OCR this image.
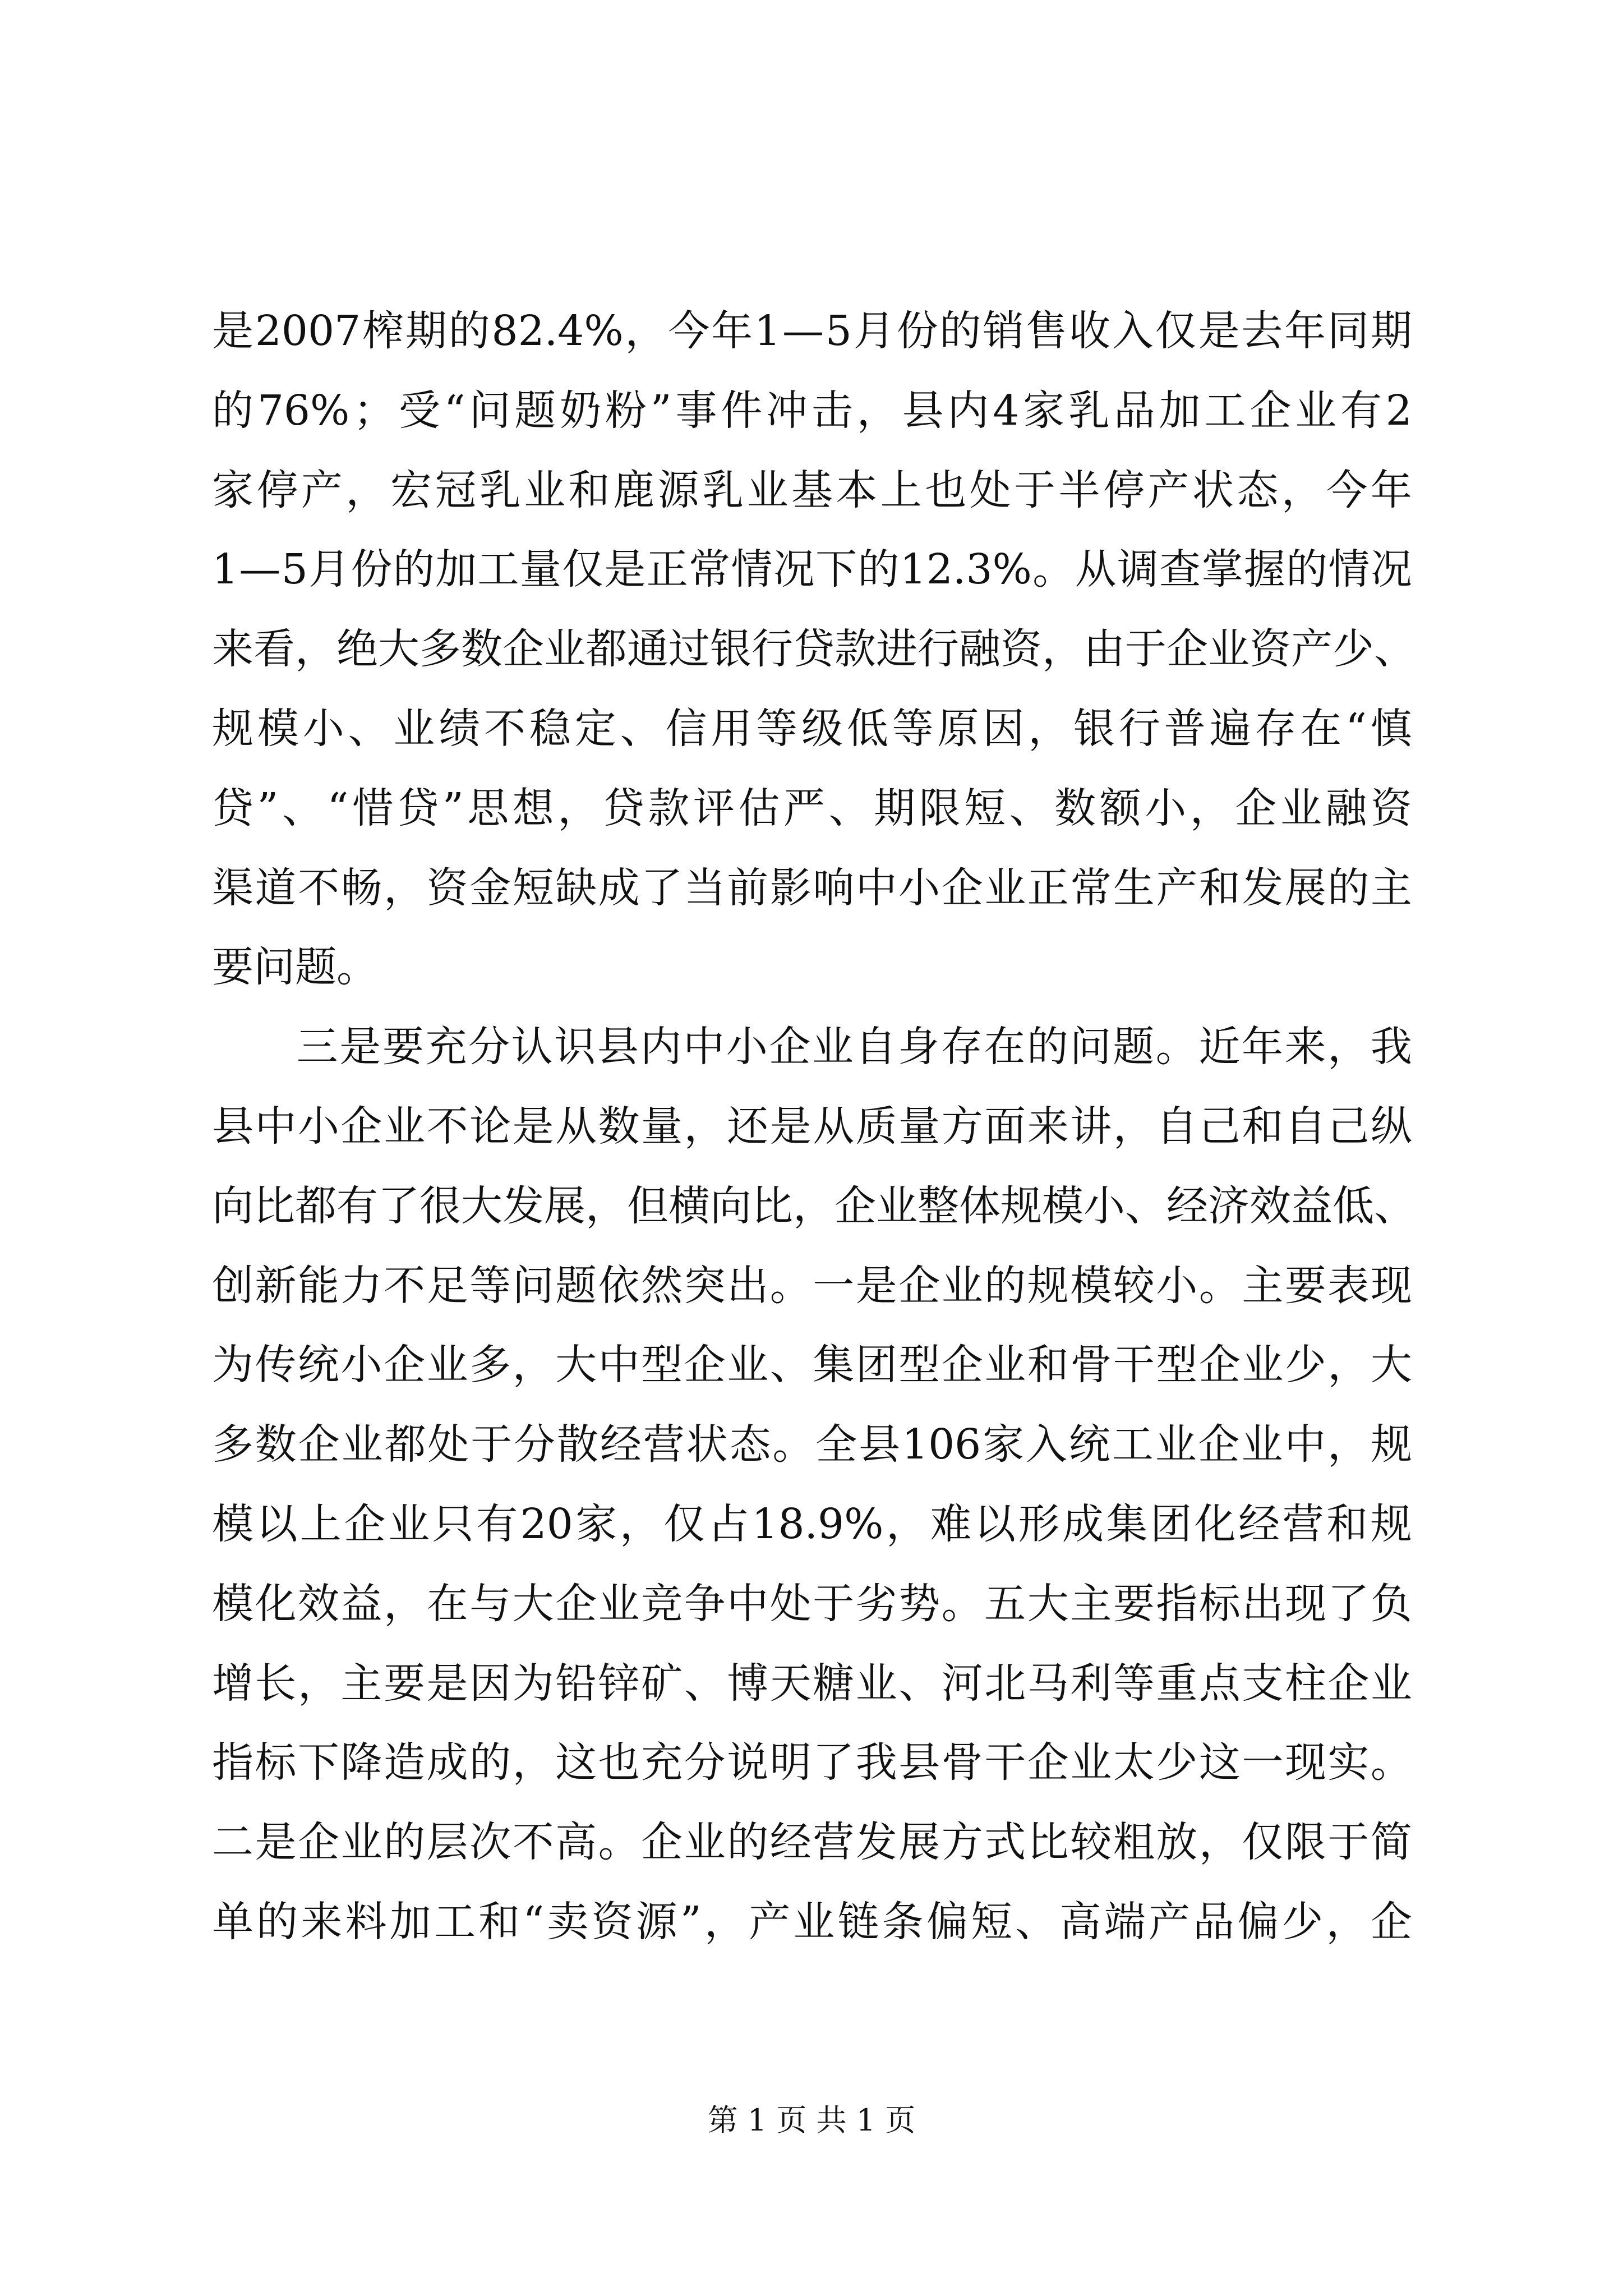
是 2007 榨 期 的 82.4% ， 今 年 1 — 5 月 份 的 销 售 收 入 仅 是 去 年 同 期
的 76% ； 受 “ 问 题 奶 粉 ” 事 件 冲 击 ， 县 内 4 家 乳 品 加 工 企 业 有 2
家 停 产 ， 宏 冠 乳 业 和 鹿 源 乳 业 基 本 上 也 处 于 半 停 产 状 态 ， 今 年
1 — 5 月 份 的 加 工 量 仅 是 正 常 情 况 下 的 12.3% 。 从 调 查 掌 握 的 情 况
来 看 ， 绝 大 多 数 企 业 都 通 过 银 行 贷 款 进 行 融 资 ， 由 于 企 业 资 产 少 、
规 模 小 、 业 绩 不 稳 定 、 信 用 等 级 低 等 原 因 ， 银 行 普 遍 存 在 “ 慎
贷 ” 、 “ 惜 贷 ” 思 想 ， 贷 款 评 估 严 、 期 限 短 、 数 额 小 ， 企 业 融 资
渠 道 不 畅 ， 资 金 短 缺 成 了 当 前 影 响 中 小 企 业 正 常 生 产 和 发 展 的 主
要问题。

三 是 要 充 分 认 识 县 内 中 小 企 业 自 身 存 在 的 问 题 。 近 年 来 ， 我
县 中 小 企 业 不 论 是 从 数 量 ， 还 是 从 质 量 方 面 来 讲 ， 自 己 和 自 己 纵
向 比 都 有 了 很 大 发 展 ， 但 横 向 比 ， 企 业 整 体 规 模 小 、 经 济 效 益 低 、
创 新 能 力 不 足 等 问 题 依 然 突 出 。 一 是 企 业 的 规 模 较 小 。 主 要 表 现
为 传 统 小 企 业 多 ， 大 中 型 企 业 、 集 团 型 企 业 和 骨 干 型 企 业 少 ， 大
多 数 企 业 都 处 于 分 散 经 营 状 态 。 全 县 106 家 入 统 工 业 企 业 中 ， 规
模 以 上 企 业 只 有 20 家 ， 仅 占 18.9% ， 难 以 形 成 集 团 化 经 营 和 规
模 化 效 益 ， 在 与 大 企 业 竞 争 中 处 于 劣 势 。 五 大 主 要 指 标 出 现 了 负
增 长 ， 主 要 是 因 为 铅 锌 矿 、 博 天 糖 业 、 河 北 马 利 等 重 点 支 柱 企 业
指 标 下 降 造 成 的 ， 这 也 充 分 说 明 了 我 县 骨 干 企 业 太 少 这 一 现 实 。
二 是 企 业 的 层 次 不 高 。 企 业 的 经 营 发 展 方 式 比 较 粗 放 ， 仅 限 于 简
单 的 来 料 加 工 和 “ 卖 资 源 ” ， 产 业 链 条 偏 短 、 高 端 产 品 偏 少 ， 企
第 1 页 共 1 页
